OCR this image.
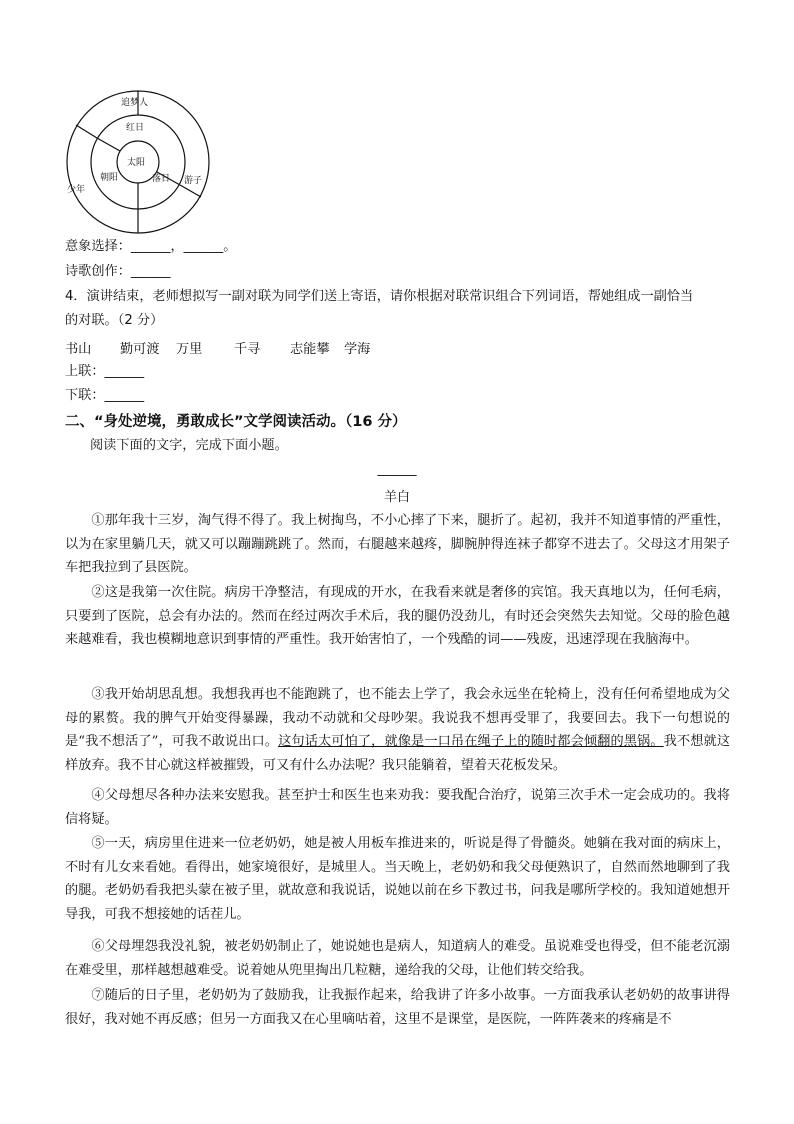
追梦人
红日
太阳
朝阳	落日 游子
少年
意象选择：______，______。
诗歌创作：______
4．演讲结束，老师想拟写一副对联为同学们送上寄语，请你根据对联常识组合下列词语，帮她组成一副恰当
的对联。（2 分）
书山 勤可渡 万里 千寻 志能攀 学海
上联：______
下联：______
二、“身处逆境，勇敢成长”文学阅读活动。（16 分）
阅读下面的文字，完成下面小题。
______
羊白
①那年我十三岁，淘气得不得了。我上树掏鸟，不小心摔了下来，腿折了。起初，我并不知道事情的严重性，以为在家里躺几天，就又可以蹦蹦跳跳了。然而，右腿越来越疼，脚腕肿得连袜子都穿不进去了。父母这才用架子车把我拉到了县医院。
②这是我第一次住院。病房干净整洁，有现成的开水，在我看来就是奢侈的宾馆。我天真地以为，任何毛病，只要到了医院，总会有办法的。然而在经过两次手术后，我的腿仍没劲儿，有时还会突然失去知觉。父母的脸色越来越难看，我也模糊地意识到事情的严重性。我开始害怕了，一个残酷的词——残废，迅速浮现在我脑海中。
③我开始胡思乱想。我想我再也不能跑跳了，也不能去上学了，我会永远坐在轮椅上，没有任何希望地成为父母的累赘。我的脾气开始变得暴躁，我动不动就和父母吵架。我说我不想再受罪了，我要回去。我下一句想说的是“我不想活了”，可我不敢说出口。这句话太可怕了，就像是一口吊在绳子上的随时都会倾翻的黑锅。我不想就这样放弃。我不甘心就这样被摧毁，可又有什么办法呢？我只能躺着，望着天花板发呆。
④父母想尽各种办法来安慰我。甚至护士和医生也来劝我：要我配合治疗，说第三次手术一定会成功的。我将信将疑。
⑤一天，病房里住进来一位老奶奶，她是被人用板车推进来的，听说是得了骨髓炎。她躺在我对面的病床上，不时有儿女来看她。看得出，她家境很好，是城里人。当天晚上，老奶奶和我父母便熟识了，自然而然地聊到了我的腿。老奶奶看我把头蒙在被子里，就故意和我说话，说她以前在乡下教过书，问我是哪所学校的。我知道她想开导我，可我不想接她的话茬儿。
⑥父母埋怨我没礼貌，被老奶奶制止了，她说她也是病人，知道病人的难受。虽说难受也得受，但不能老沉溺在难受里，那样越想越难受。说着她从兜里掏出几粒糖，递给我的父母，让他们转交给我。
⑦随后的日子里，老奶奶为了鼓励我，让我振作起来，给我讲了许多小故事。一方面我承认老奶奶的故事讲得很好，我对她不再反感；但另一方面我又在心里嘀咕着，这里不是课堂，是医院，一阵阵袭来的疼痛是不
